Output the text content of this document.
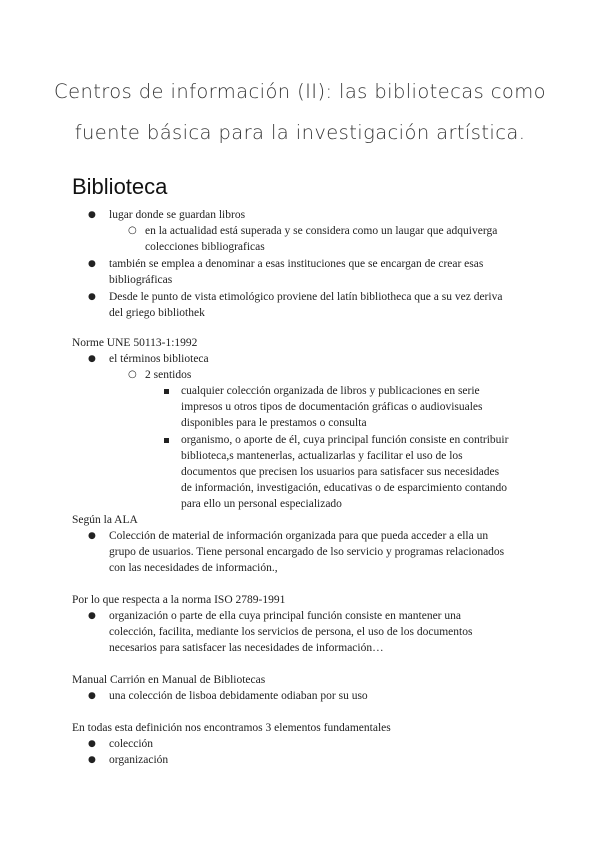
Centros de información (II): las bibliotecas como
fuente básica para la investigación artística.
Biblioteca
● lugar donde se guardan libros
○ en la actualidad está superada y se considera como un laugar que adquiverga
colecciones bibliograficas
● también se emplea a denominar a esas instituciones que se encargan de crear esas
bibliográficas
● Desde le punto de vista etimológico proviene del latín bibliotheca que a su vez deriva
del griego bibliothek
Norme UNE 50113-1:1992
● el términos biblioteca
○ 2 sentidos
cualquier colección organizada de libros y publicaciones en serie
impresos u otros tipos de documentación gráficas o audiovisuales
disponibles para le prestamos o consulta
organismo, o aporte de él, cuya principal función consiste en contribuir
biblioteca,s mantenerlas, actualizarlas y facilitar el uso de los
documentos que precisen los usuarios para satisfacer sus necesidades
de información, investigación, educativas o de esparcimiento contando
para ello un personal especializado
Según la ALA
● Colección de material de información organizada para que pueda acceder a ella un
grupo de usuarios. Tiene personal encargado de lso servicio y programas relacionados
con las necesidades de información.,
Por lo que respecta a la norma ISO 2789-1991
● organización o parte de ella cuya principal función consiste en mantener una
colección, facilita, mediante los servicios de persona, el uso de los documentos
necesarios para satisfacer las necesidades de información…
Manual Carrión en Manual de Bibliotecas
● una colección de lisboa debidamente odiaban por su uso
En todas esta definición nos encontramos 3 elementos fundamentales
● colección
● organización
